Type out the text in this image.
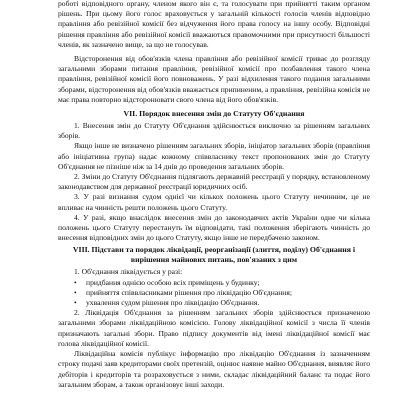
роботі відповідного органу, членом якого він є, та голосувати при прийнятті таким органом рішень. При цьому його голос враховується у загальній кількості голосів членів відповідно правління або ревізійної комісії без відчуження його права голосу на іншу особу. Відповідні рішення правління або ревізійної комісії вважаються правомочними при присутності більшості членів, як зазначено вище, за що не голосував.

Відсторонення від обов'язків члена правління або ревізійної комісії триває до розгляду загальними зборами питання правління, ревізійної комісії про позбавлення такого члена правління, ревізійної комісії його повноважень. У разі відхилення такого подання загальними зборами, відсторонення від обов'язків вважається припиненим, а правління, ревізійна комісія не має права повторно відсторонювати свого члена від його обов'язків.

VII. Порядок внесення змін до Статуту Об'єднання

1. Внесення змін до Статуту Об'єднання здійснюється виключно за рішенням загальних зборів.

Якщо інше не визначено рішенням загальних зборів, ініціатор загальних зборів (правління або ініціативна група) надає кожному співвласнику текст пропонованих змін до Статуту Об'єднання не пізніше ніж за 14 днів до проведення загальних зборів.

2. Зміни до Статуту Об'єднання підлягають державній реєстрації у порядку, встановленому законодавством для державної реєстрації юридичних осіб.

3. У разі визнання судом однієї чи кількох положень цього Статуту нечинним, це не впливає на чинність решти положень цього Статуту.

4. У разі, якщо внаслідок внесення змін до законодавчих актів України одне чи кілька положень цього Статуту перестануть їм відповідати, такі положення зберігають чинність до внесення відповідних змін до цього Статуту, якщо інше не передбачено законом.

VIII. Підстави та порядок ліквідації, реорганізації (злиття, поділу) Об'єднання і
вирішення майнових питань, пов'язаних з цим

1. Об'єднання ліквідується у разі:

• придбання однією особою всіх приміщень у будинку;
• прийняття співвласниками рішення про ліквідацію Об'єднання;
• ухвалення судом рішення про ліквідацію Об'єднання.

2. Ліквідація Об'єднання за рішенням загальних зборів здійснюється призначеною загальними зборами ліквідаційною комісією. Голову ліквідаційної комісії з числа її членів призначають загальні збори. Право підпису документів від імені ліквідаційної комісії має голова ліквідаційної комісії.

Ліквідаційна комісія публікує інформацію про ліквідацію Об'єднання із зазначенням строку подачі заяв кредиторами своїх претензій, оцінює наявне майно Об'єднання, виявляє його дебіторів і кредиторів та розраховується з ними, складає ліквідаційний баланс та подає його загальним зборам, а також організовує інші заходи.
